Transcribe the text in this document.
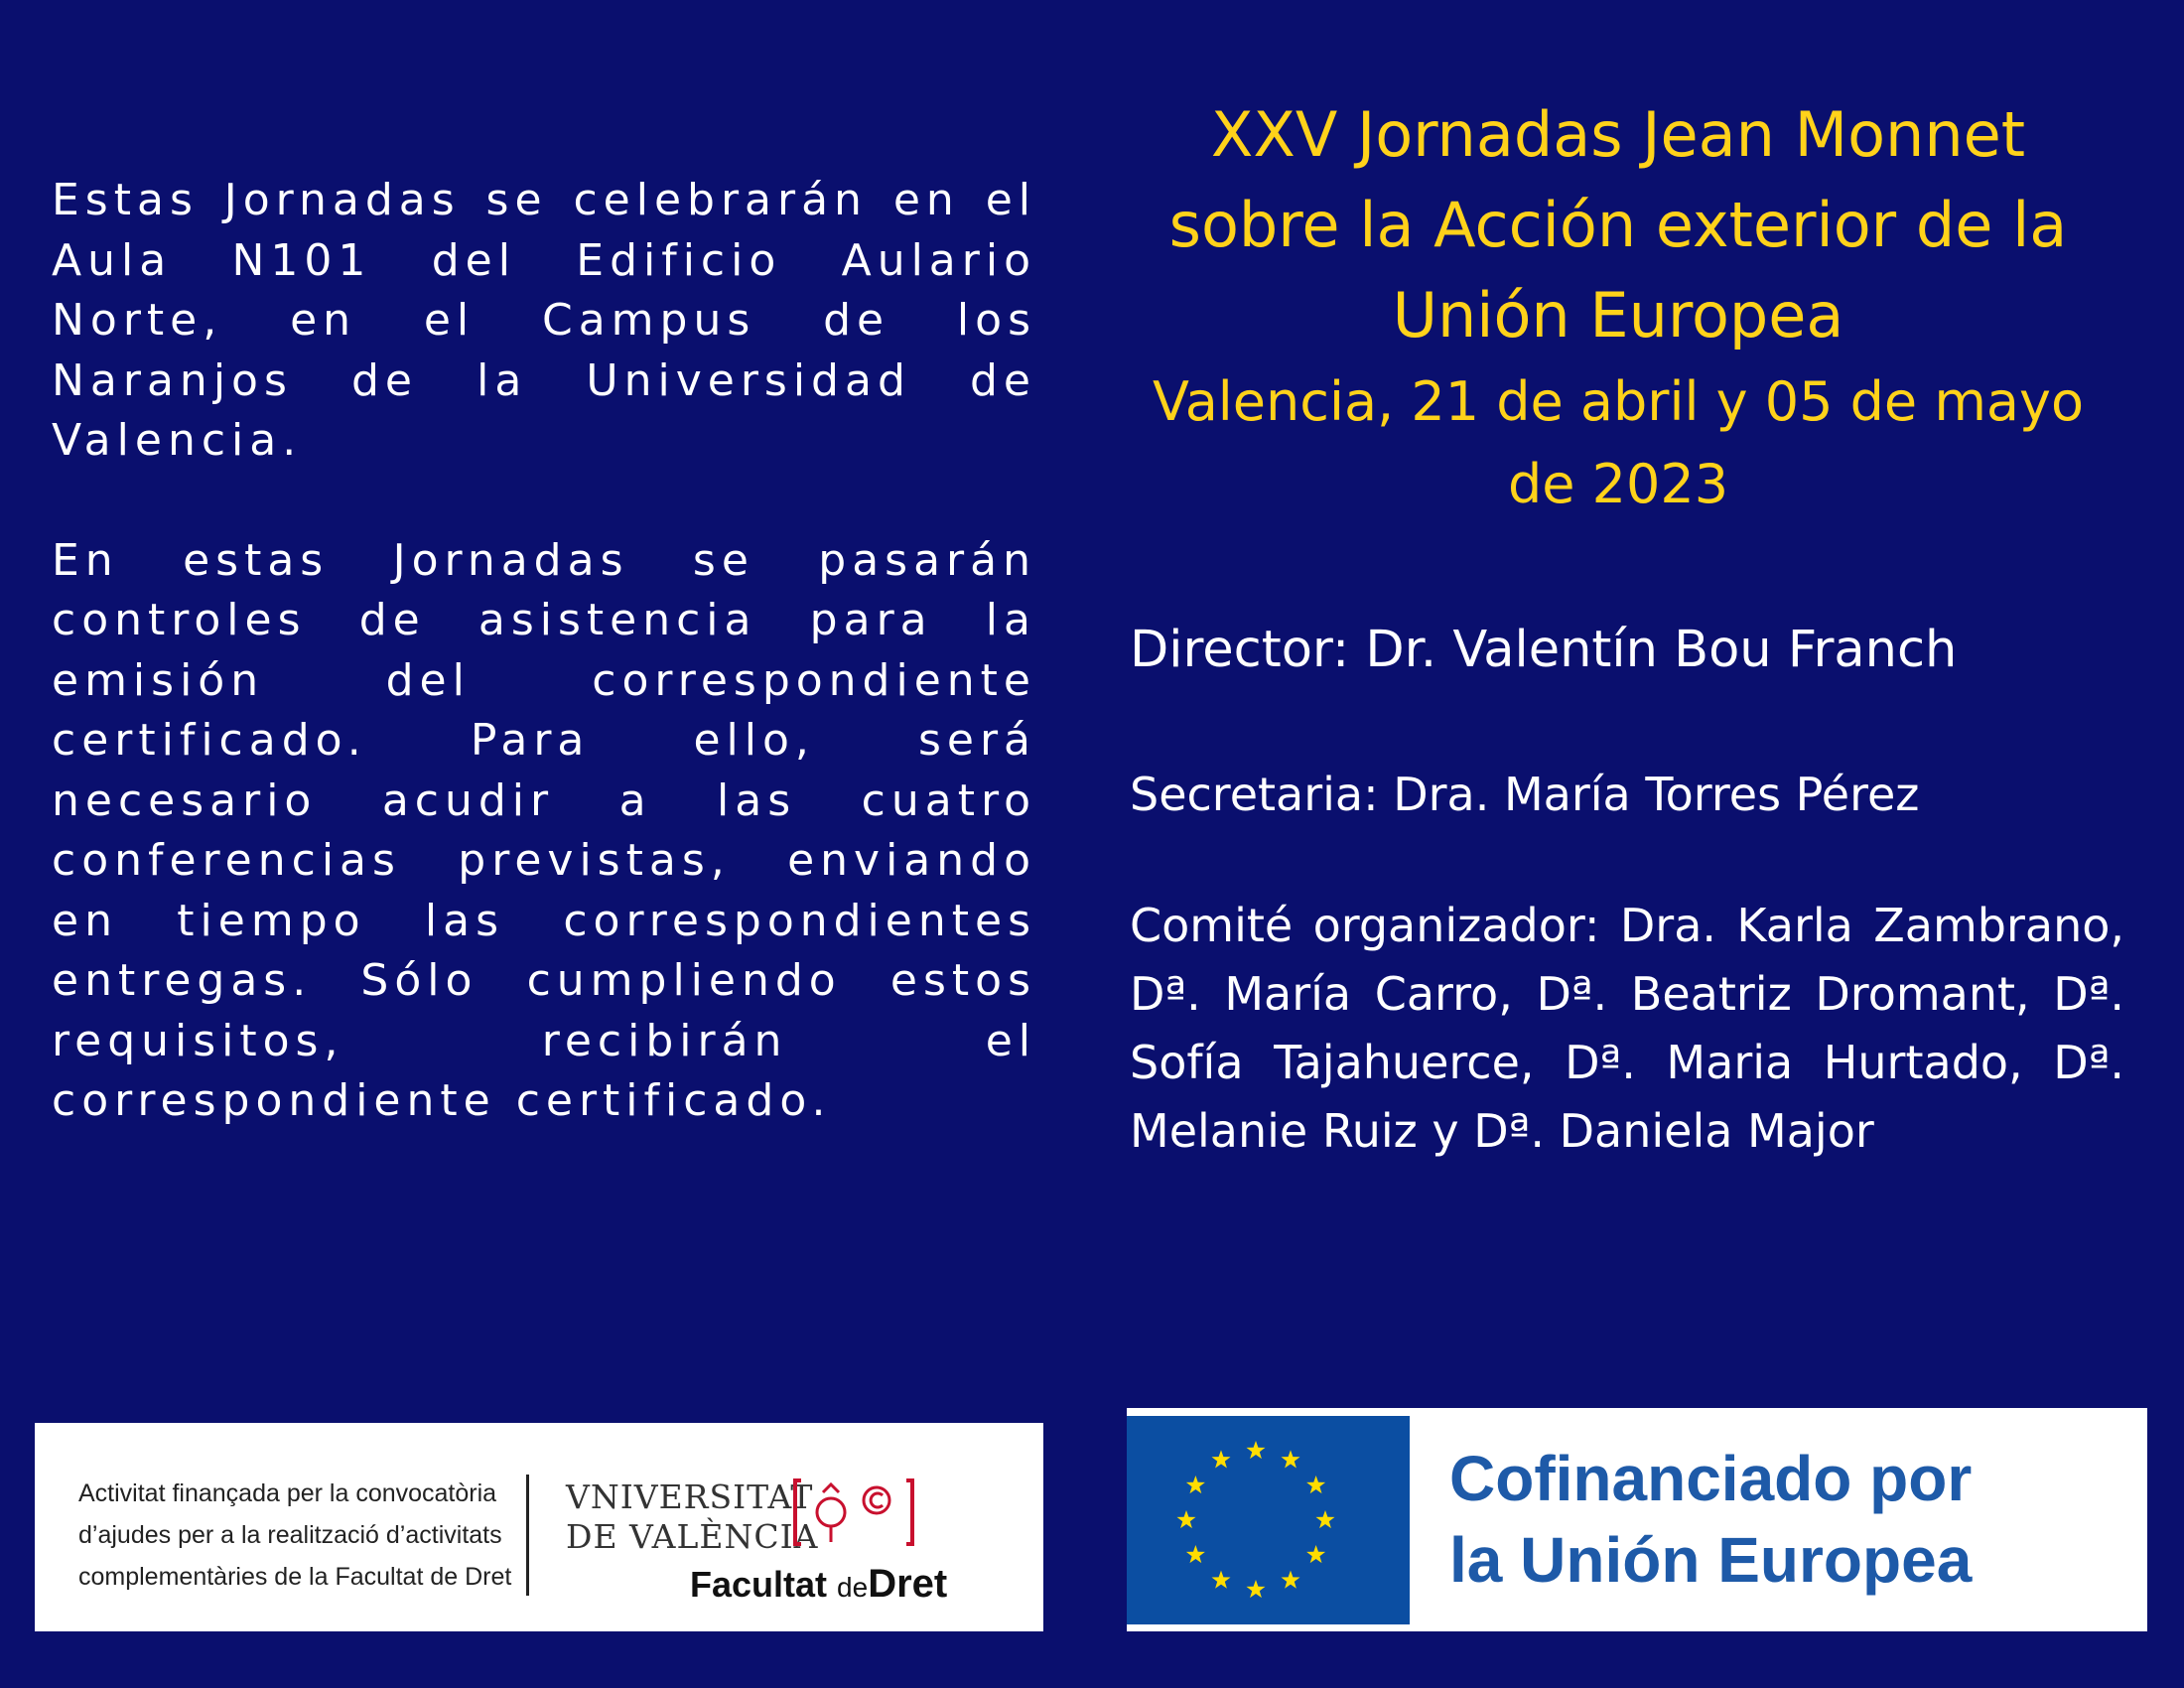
Estas Jornadas se celebrarán en el Aula N101 del Edificio Aulario Norte, en el Campus de los Naranjos de la Universidad de Valencia.

En estas Jornadas se pasarán controles de asistencia para la emisión del correspondiente certificado. Para ello, será necesario acudir a las cuatro conferencias previstas, enviando en tiempo las correspondientes entregas. Sólo cumpliendo estos requisitos, recibirán el correspondiente certificado.

XXV Jornadas Jean Monnet
sobre la Acción exterior de la
Unión Europea

Valencia, 21 de abril y 05 de mayo
de 2023

Director: Dr. Valentín Bou Franch

Secretaria: Dra. María Torres Pérez

Comité organizador: Dra. Karla Zambrano, Dª. María Carro, Dª. Beatriz Dromant, Dª. Sofía Tajahuerce, Dª. Maria Hurtado, Dª. Melanie Ruiz y Dª. Daniela Major

Activitat finançada per la convocatòria
d’ajudes per a la realització d’activitats
complementàries de la Facultat de Dret
VNIVERSITAT
DE VALÈNCIA
Facultat deDret
Cofinanciado por
la Unión Europea
